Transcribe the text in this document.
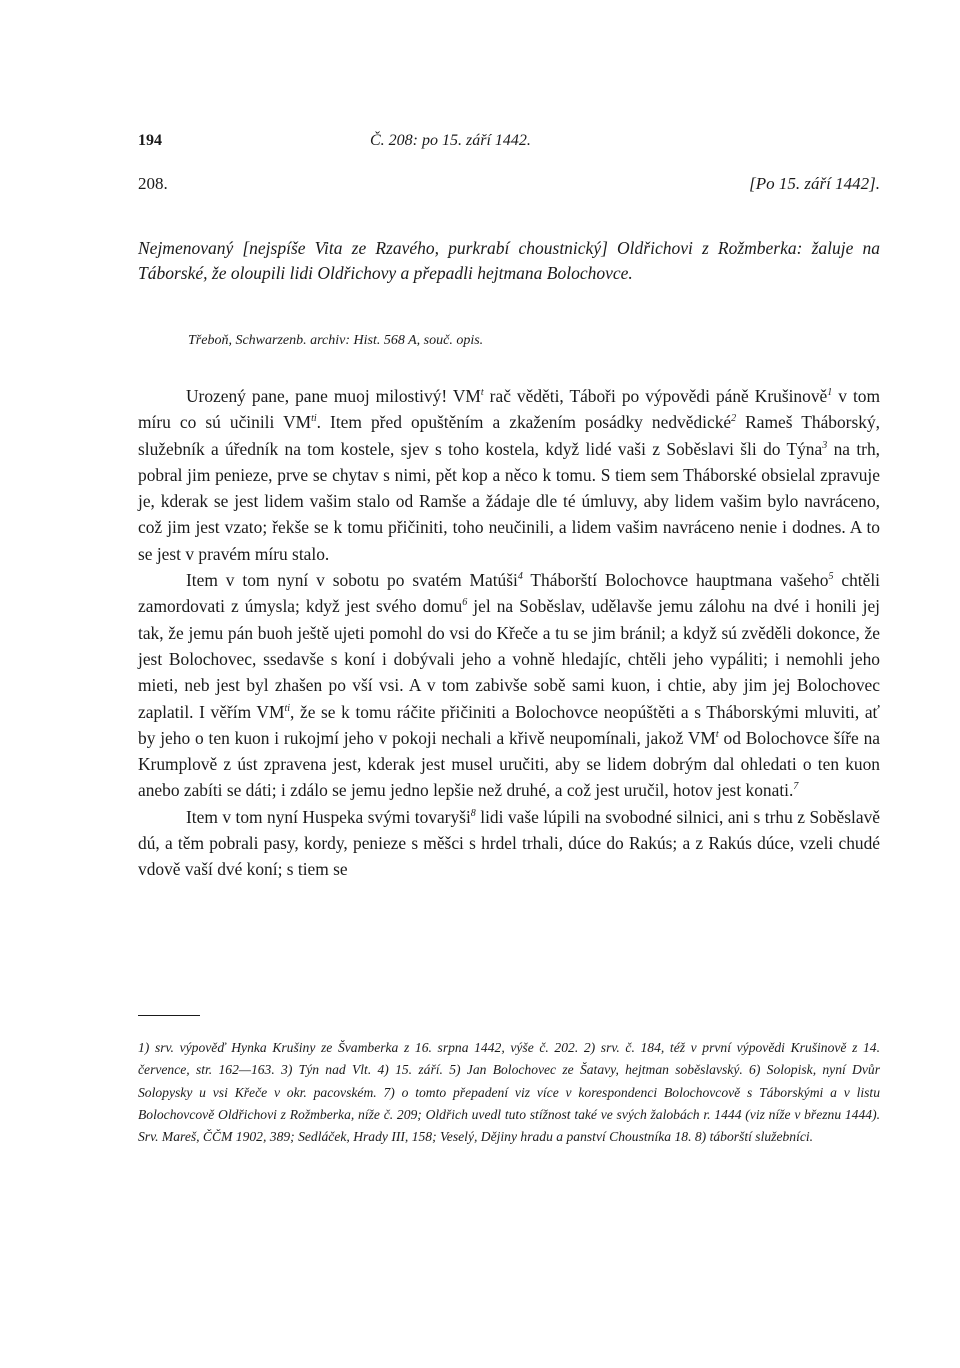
194	Č. 208: po 15. září 1442.
208.	[Po 15. září 1442].

Nejmenovaný [nejspíše Vita ze Rzavého, purkrabí choustnický] Oldřichovi z Rožmberka: žaluje na Táborské, že oloupili lidi Oldřichovy a přepadli hejtmana Bolochovce.

Třeboň, Schwarzenb. archiv: Hist. 568 A, souč. opis.

Urozený pane, pane muoj milostivý! $VM^t$ rač věděti, Táboři po výpovědi páně Krušinově$^1$ v tom míru co sú učinili $VM^{ti}$. Item před opuštěním a zkažením posádky nedvědické$^2$ Rameš Tháborský, služebník a úředník na tom kostele, sjev s toho kostela, když lidé vaši z Soběslavi šli do Týna$^3$ na trh, pobral jim penieze, prve se chytav s nimi, pět kop a něco k tomu. S tiem sem Tháborské obsielal zpravuje je, kderak se jest lidem vašim stalo od Ramše a žádaje dle té úmluvy, aby lidem vašim bylo navráceno, což jim jest vzato; řekše se k tomu přičiniti, toho neučinili, a lidem vašim navráceno nenie i dodnes. A to se jest v pravém míru stalo.

Item v tom nyní v sobotu po svatém Matúši$^4$ Tháborští Bolochovce hauptmana vašeho$^5$ chtěli zamordovati z úmysla; když jest svého domu$^6$ jel na Soběslav, udělavše jemu zálohu na dvé i honili jej tak, že jemu pán buoh ještě ujeti pomohl do vsi do Křeče a tu se jim bránil; a když sú zvěděli dokonce, že jest Bolochovec, ssedavše s koní i dobývali jeho a vohně hledajíc, chtěli jeho vypáliti; i nemohli jeho mieti, neb jest byl zhašen po vší vsi. A v tom zabivše sobě sami kuon, i chtie, aby jim jej Bolochovec zaplatil. I věřím $VM^{ti}$, že se k tomu ráčite přičiniti a Bolochovce neopúštěti a s Tháborskými mluviti, ať by jeho o ten kuon i rukojmí jeho v pokoji nechali a křivě neupomínali, jakož $VM^t$ od Bolochovce šíře na Krumplově z úst zpravena jest, kderak jest musel uručiti, aby se lidem dobrým dal ohledati o ten kuon anebo zabíti se dáti; i zdálo se jemu jedno lepšie než druhé, a což jest uručil, hotov jest konati.$^7$

Item v tom nyní Huspeka svými tovaryši$^8$ lidi vaše lúpili na svobodné silnici, ani s trhu z Soběslavě dú, a těm pobrali pasy, kordy, penieze s měšci s hrdel trhali, dúce do Rakús; a z Rakús dúce, vzeli chudé vdově vaší dvé koní; s tiem se

1) srv. výpověď Hynka Krušiny ze Švamberka z 16. srpna 1442, výše č. 202. 2) srv. č. 184, též v první výpovědi Krušinově z 14. července, str. 162—163. 3) Týn nad Vlt. 4) 15. září. 5) Jan Bolochovec ze Šatavy, hejtman soběslavský. 6) Solopisk, nyní Dvůr Solopysky u vsi Křeče v okr. pacovském. 7) o tomto přepadení viz více v korespondenci Bolochovcově s Táborskými a v listu Bolochovcově Oldřichovi z Rožmberka, níže č. 209; Oldřich uvedl tuto stížnost také ve svých žalobách r. 1444 (viz níže v březnu 1444). Srv. Mareš, ČČM 1902, 389; Sedláček, Hrady III, 158; Veselý, Dějiny hradu a panství Choustníka 18. 8) táborští služebníci.
